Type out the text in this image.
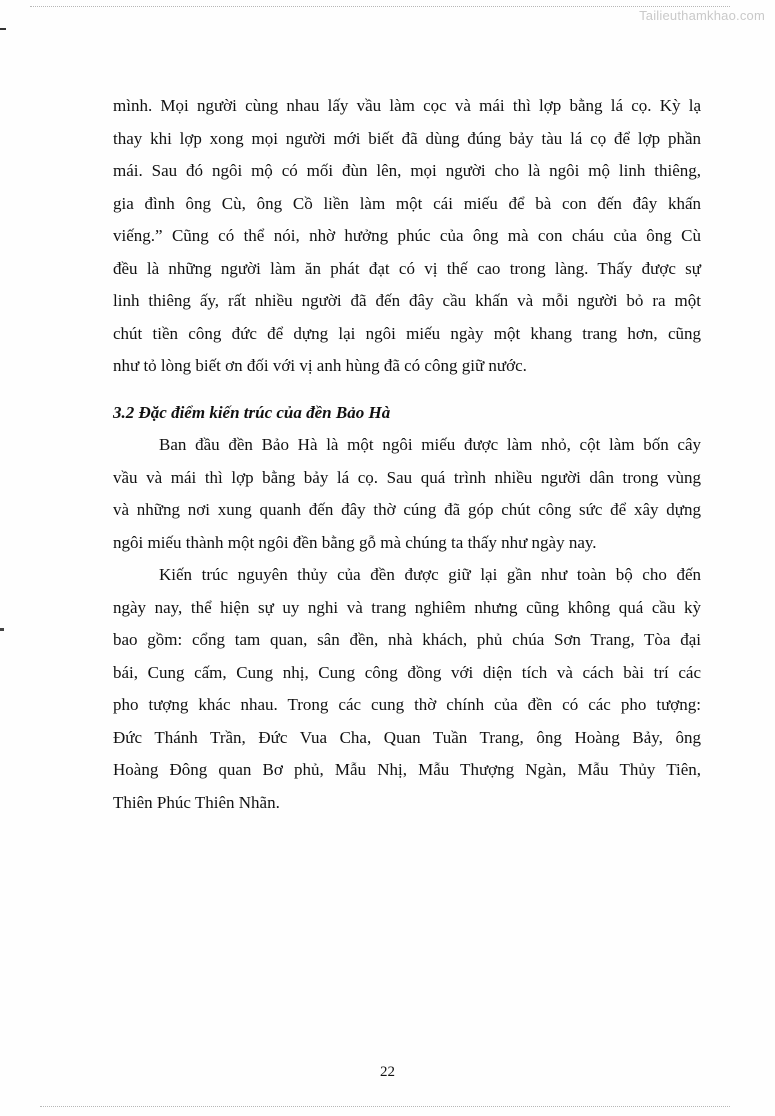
Tailieuthamkhao.com
mình. Mọi người cùng nhau lấy vầu làm cọc và mái thì lợp bằng lá cọ. Kỳ lạ
thay khi lợp xong mọi người mới biết đã dùng đúng bảy tàu lá cọ để lợp phần
mái. Sau đó ngôi mộ có mối đùn lên, mọi người cho là ngôi mộ linh thiêng,
gia đình ông Cù, ông Cồ liền làm một cái miếu để bà con đến đây khấn
viếng.” Cũng có thể nói, nhờ hưởng phúc của ông mà con cháu của ông Cù
đều là những người làm ăn phát đạt có vị thế cao trong làng. Thấy được sự
linh thiêng ấy, rất nhiều người đã đến đây cầu khấn và mỗi người bỏ ra một
chút tiền công đức để dựng lại ngôi miếu ngày một khang trang hơn, cũng
như tỏ lòng biết ơn đối với vị anh hùng đã có công giữ nước.
3.2 Đặc điểm kiến trúc của đền Bảo Hà
Ban đầu đền Bảo Hà là một ngôi miếu được làm nhỏ, cột làm bốn cây
vầu và mái thì lợp bằng bảy lá cọ. Sau quá trình nhiều người dân trong vùng
và những nơi xung quanh đến đây thờ cúng đã góp chút công sức để xây dựng
ngôi miếu thành một ngôi đền bằng gỗ mà chúng ta thấy như ngày nay.
Kiến trúc nguyên thủy của đền được giữ lại gần như toàn bộ cho đến
ngày nay, thể hiện sự uy nghi và trang nghiêm nhưng cũng không quá cầu kỳ
bao gồm: cổng tam quan, sân đền, nhà khách, phủ chúa Sơn Trang, Tòa đại
bái, Cung cấm, Cung nhị, Cung công đồng với diện tích và cách bài trí các
pho tượng khác nhau. Trong các cung thờ chính của đền có các pho tượng:
Đức Thánh Trần, Đức Vua Cha, Quan Tuần Trang, ông Hoàng Bảy, ông
Hoàng Đông quan Bơ phủ, Mẫu Nhị, Mẫu Thượng Ngàn, Mẫu Thủy Tiên,
Thiên Phúc Thiên Nhãn.
22
